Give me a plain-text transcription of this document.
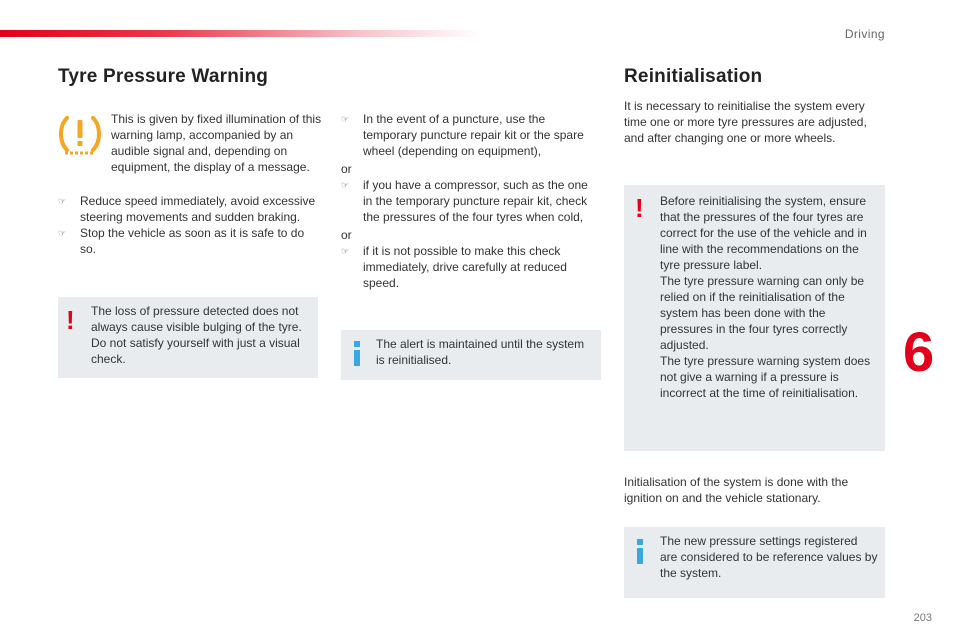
Driving
6
203
Tyre Pressure Warning

This is given by fixed illumination of this warning lamp, accompanied by an audible signal and, depending on equipment, the display of a message.

☞ Reduce speed immediately, avoid excessive steering movements and sudden braking.
☞ Stop the vehicle as soon as it is safe to do so.
! The loss of pressure detected does not always cause visible bulging of the tyre. Do not satisfy yourself with just a visual check.

☞ In the event of a puncture, use the temporary puncture repair kit or the spare wheel (depending on equipment),

or

☞ if you have a compressor, such as the one in the temporary puncture repair kit, check the pressures of the four tyres when cold,

or

☞ if it is not possible to make this check immediately, drive carefully at reduced speed.

The alert is maintained until the system is reinitialised.

Reinitialisation

It is necessary to reinitialise the system every time one or more tyre pressures are adjusted, and after changing one or more wheels.

! Before reinitialising the system, ensure that the pressures of the four tyres are correct for the use of the vehicle and in line with the recommendations on the tyre pressure label.

The tyre pressure warning can only be relied on if the reinitialisation of the system has been done with the pressures in the four tyres correctly adjusted.

The tyre pressure warning system does not give a warning if a pressure is incorrect at the time of reinitialisation.

Initialisation of the system is done with the ignition on and the vehicle stationary.

The new pressure settings registered are considered to be reference values by the system.
